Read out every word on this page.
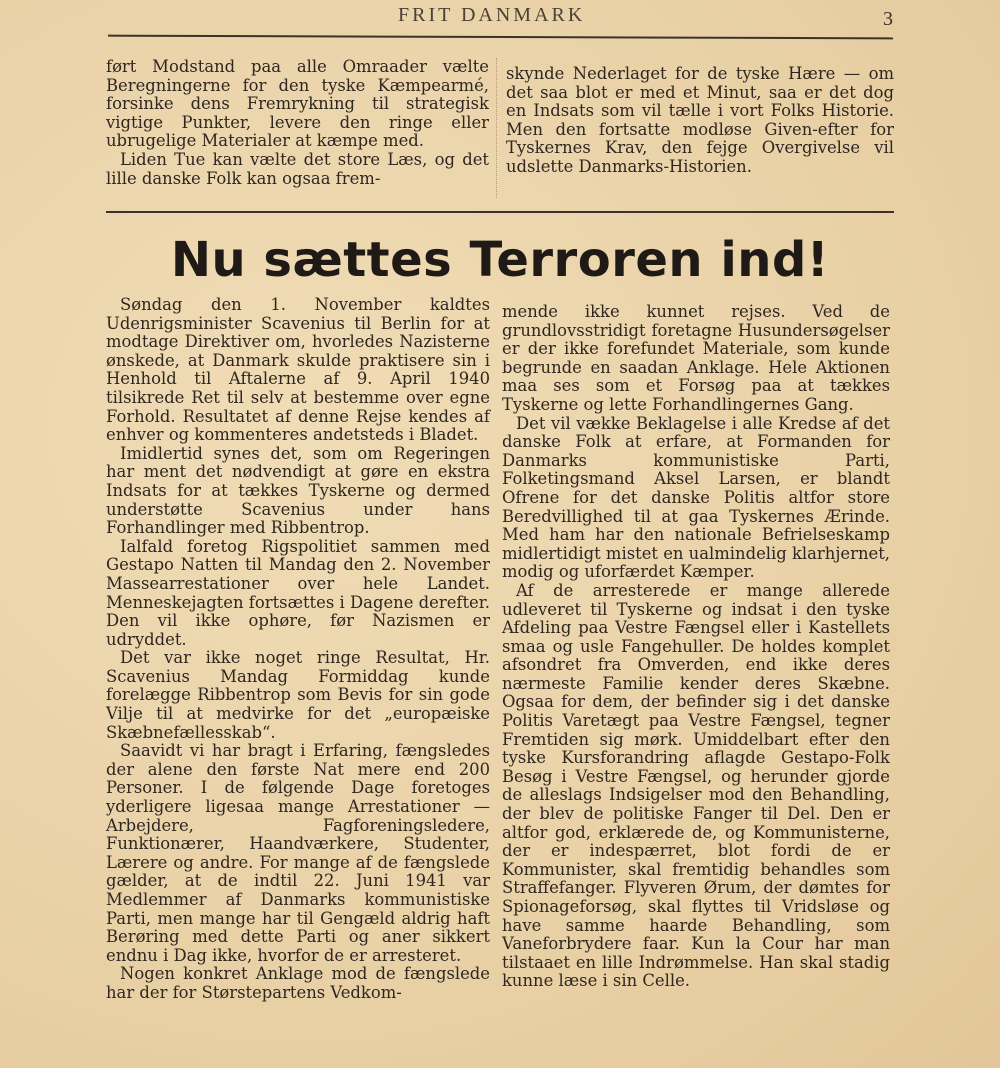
FRIT DANMARK	3

ført Modstand paa alle Omraader vælte Beregningerne for den tyske Kæmpearmé, forsinke dens Fremrykning til strategisk vigtige Punkter, levere den ringe eller ubrugelige Materialer at kæmpe med.

Liden Tue kan vælte det store Læs, og det lille danske Folk kan ogsaa frem-

skynde Nederlaget for de tyske Hære — om det saa blot er med et Minut, saa er det dog en Indsats som vil tælle i vort Folks Historie. Men den fortsatte modløse Given-efter for Tyskernes Krav, den fejge Overgivelse vil udslette Danmarks-Historien.

Nu sættes Terroren ind!

Søndag den 1. November kaldtes Udenrigsminister Scavenius til Berlin for at modtage Direktiver om, hvorledes Nazisterne ønskede, at Danmark skulde praktisere sin i Henhold til Aftalerne af 9. April 1940 tilsikrede Ret til selv at bestemme over egne Forhold. Resultatet af denne Rejse kendes af enhver og kommenteres andetsteds i Bladet.

Imidlertid synes det, som om Regeringen har ment det nødvendigt at gøre en ekstra Indsats for at tækkes Tyskerne og dermed understøtte Scavenius under hans Forhandlinger med Ribbentrop.

Ialfald foretog Rigspolitiet sammen med Gestapo Natten til Mandag den 2. November Massearrestationer over hele Landet. Menneskejagten fortsættes i Dagene derefter. Den vil ikke ophøre, før Nazismen er udryddet.

Det var ikke noget ringe Resultat, Hr. Scavenius Mandag Formiddag kunde forelægge Ribbentrop som Bevis for sin gode Vilje til at medvirke for det „europæiske Skæbnefællesskab“.

Saavidt vi har bragt i Erfaring, fængsledes der alene den første Nat mere end 200 Personer. I de følgende Dage foretoges yderligere ligesaa mange Arrestationer — Arbejdere, Fagforeningsledere, Funktionærer, Haandværkere, Studenter, Lærere og andre. For mange af de fængslede gælder, at de indtil 22. Juni 1941 var Medlemmer af Danmarks kommunistiske Parti, men mange har til Gengæld aldrig haft Berøring med dette Parti og aner sikkert endnu i Dag ikke, hvorfor de er arresteret.

Nogen konkret Anklage mod de fængslede har der for Størstepartens Vedkom-

mende ikke kunnet rejses. Ved de grundlovsstridigt foretagne Husundersøgelser er der ikke forefundet Materiale, som kunde begrunde en saadan Anklage. Hele Aktionen maa ses som et Forsøg paa at tækkes Tyskerne og lette Forhandlingernes Gang.

Det vil vække Beklagelse i alle Kredse af det danske Folk at erfare, at Formanden for Danmarks kommunistiske Parti, Folketingsmand Aksel Larsen, er blandt Ofrene for det danske Politis altfor store Beredvillighed til at gaa Tyskernes Ærinde. Med ham har den nationale Befrielseskamp midlertidigt mistet en ualmindelig klarhjernet, modig og uforfærdet Kæmper.

Af de arresterede er mange allerede udleveret til Tyskerne og indsat i den tyske Afdeling paa Vestre Fængsel eller i Kastellets smaa og usle Fangehuller. De holdes komplet afsondret fra Omverden, end ikke deres nærmeste Familie kender deres Skæbne. Ogsaa for dem, der befinder sig i det danske Politis Varetægt paa Vestre Fængsel, tegner Fremtiden sig mørk. Umiddelbart efter den tyske Kursforandring aflagde Gestapo-Folk Besøg i Vestre Fængsel, og herunder gjorde de alleslags Indsigelser mod den Behandling, der blev de politiske Fanger til Del. Den er altfor god, erklærede de, og Kommunisterne, der er indespærret, blot fordi de er Kommunister, skal fremtidig behandles som Straffefanger. Flyveren Ørum, der dømtes for Spionageforsøg, skal flyttes til Vridsløse og have samme haarde Behandling, som Vaneforbrydere faar. Kun la Cour har man tilstaaet en lille Indrømmelse. Han skal stadig kunne læse i sin Celle.
